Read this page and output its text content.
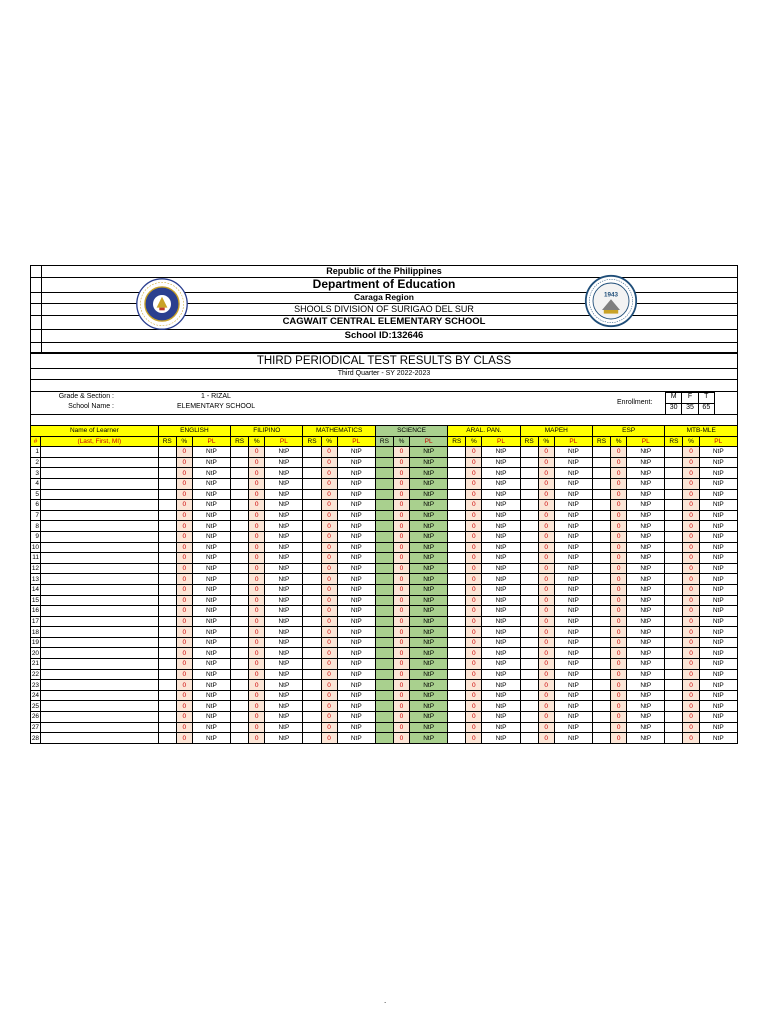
Republic of the Philippines
Department of Education
Caraga Region
SHOOLS DIVISION OF SURIGAO DEL SUR
CAGWAIT CENTRAL ELEMENTARY SCHOOL
School ID:132646
1943
THIRD PERIODICAL TEST RESULTS BY CLASS
Third Quarter - SY 2022-2023
Grade & Section :	1 - RIZAL
School Name :	ELEMENTARY SCHOOL
Enrollment:
M	F	T
30	35	65
Name of Learner		ENGLISH			FILIPINO			MATHEMATICS			SCIENCE			ARAL. PAN.			MAPEH			ESP			MTB-MLE		
#	(Last, First, MI)	RS	%	PL	RS	%	PL	RS	%	PL	RS	%	PL	RS	%	PL	RS	%	PL	RS	%	PL	RS	%	PL
1			0	NtP		0	NtP		0	NtP		0	NtP		0	NtP		0	NtP		0	NtP		0	NtP
2			0	NtP		0	NtP		0	NtP		0	NtP		0	NtP		0	NtP		0	NtP		0	NtP
3			0	NtP		0	NtP		0	NtP		0	NtP		0	NtP		0	NtP		0	NtP		0	NtP
4			0	NtP		0	NtP		0	NtP		0	NtP		0	NtP		0	NtP		0	NtP		0	NtP
5			0	NtP		0	NtP		0	NtP		0	NtP		0	NtP		0	NtP		0	NtP		0	NtP
6			0	NtP		0	NtP		0	NtP		0	NtP		0	NtP		0	NtP		0	NtP		0	NtP
7			0	NtP		0	NtP		0	NtP		0	NtP		0	NtP		0	NtP		0	NtP		0	NtP
8			0	NtP		0	NtP		0	NtP		0	NtP		0	NtP		0	NtP		0	NtP		0	NtP
9			0	NtP		0	NtP		0	NtP		0	NtP		0	NtP		0	NtP		0	NtP		0	NtP
10			0	NtP		0	NtP		0	NtP		0	NtP		0	NtP		0	NtP		0	NtP		0	NtP
11			0	NtP		0	NtP		0	NtP		0	NtP		0	NtP		0	NtP		0	NtP		0	NtP
12			0	NtP		0	NtP		0	NtP		0	NtP		0	NtP		0	NtP		0	NtP		0	NtP
13			0	NtP		0	NtP		0	NtP		0	NtP		0	NtP		0	NtP		0	NtP		0	NtP
14			0	NtP		0	NtP		0	NtP		0	NtP		0	NtP		0	NtP		0	NtP		0	NtP
15			0	NtP		0	NtP		0	NtP		0	NtP		0	NtP		0	NtP		0	NtP		0	NtP
16			0	NtP		0	NtP		0	NtP		0	NtP		0	NtP		0	NtP		0	NtP		0	NtP
17			0	NtP		0	NtP		0	NtP		0	NtP		0	NtP		0	NtP		0	NtP		0	NtP
18			0	NtP		0	NtP		0	NtP		0	NtP		0	NtP		0	NtP		0	NtP		0	NtP
19			0	NtP		0	NtP		0	NtP		0	NtP		0	NtP		0	NtP		0	NtP		0	NtP
20			0	NtP		0	NtP		0	NtP		0	NtP		0	NtP		0	NtP		0	NtP		0	NtP
21			0	NtP		0	NtP		0	NtP		0	NtP		0	NtP		0	NtP		0	NtP		0	NtP
22			0	NtP		0	NtP		0	NtP		0	NtP		0	NtP		0	NtP		0	NtP		0	NtP
23			0	NtP		0	NtP		0	NtP		0	NtP		0	NtP		0	NtP		0	NtP		0	NtP
24			0	NtP		0	NtP		0	NtP		0	NtP		0	NtP		0	NtP		0	NtP		0	NtP
25			0	NtP		0	NtP		0	NtP		0	NtP		0	NtP		0	NtP		0	NtP		0	NtP
26			0	NtP		0	NtP		0	NtP		0	NtP		0	NtP		0	NtP		0	NtP		0	NtP
27			0	NtP		0	NtP		0	NtP		0	NtP		0	NtP		0	NtP		0	NtP		0	NtP
28			0	NtP		0	NtP		0	NtP		0	NtP		0	NtP		0	NtP		0	NtP		0	NtP
.
